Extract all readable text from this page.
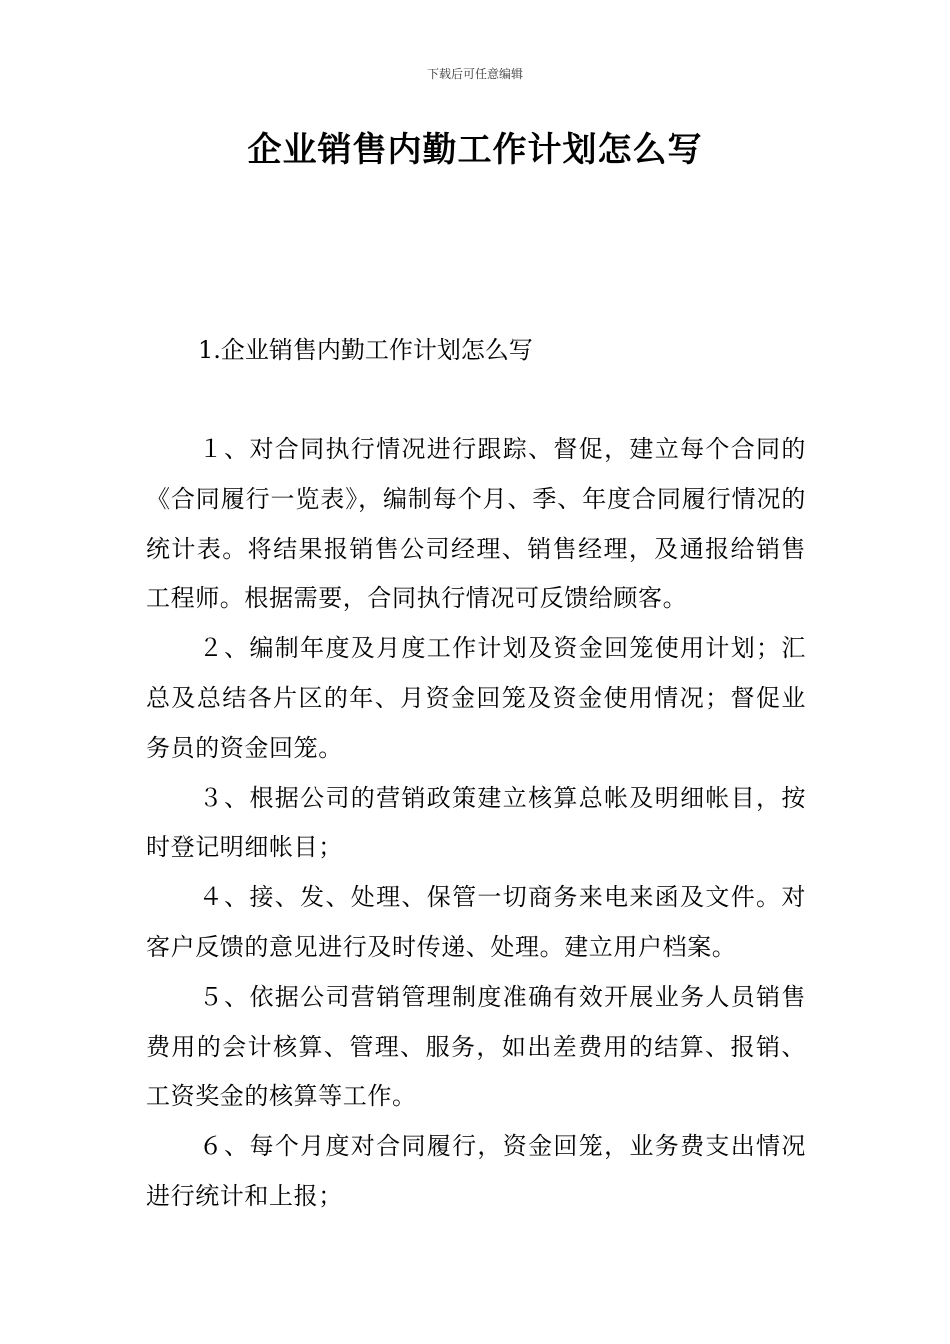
下载后可任意编辑
企业销售内勤工作计划怎么写
1.企业销售内勤工作计划怎么写

１、对合同执行情况进行跟踪、督促，建立每个合同的《合同履行一览表》，编制每个月、季、年度合同履行情况的统计表。将结果报销售公司经理、销售经理，及通报给销售工程师。根据需要，合同执行情况可反馈给顾客。

２、编制年度及月度工作计划及资金回笼使用计划；汇总及总结各片区的年、月资金回笼及资金使用情况；督促业务员的资金回笼。

３、根据公司的营销政策建立核算总帐及明细帐目，按时登记明细帐目；

４、接、发、处理、保管一切商务来电来函及文件。对客户反馈的意见进行及时传递、处理。建立用户档案。

５、依据公司营销管理制度准确有效开展业务人员销售费用的会计核算、管理、服务，如出差费用的结算、报销、工资奖金的核算等工作。

６、每个月度对合同履行，资金回笼，业务费支出情况进行统计和上报；
